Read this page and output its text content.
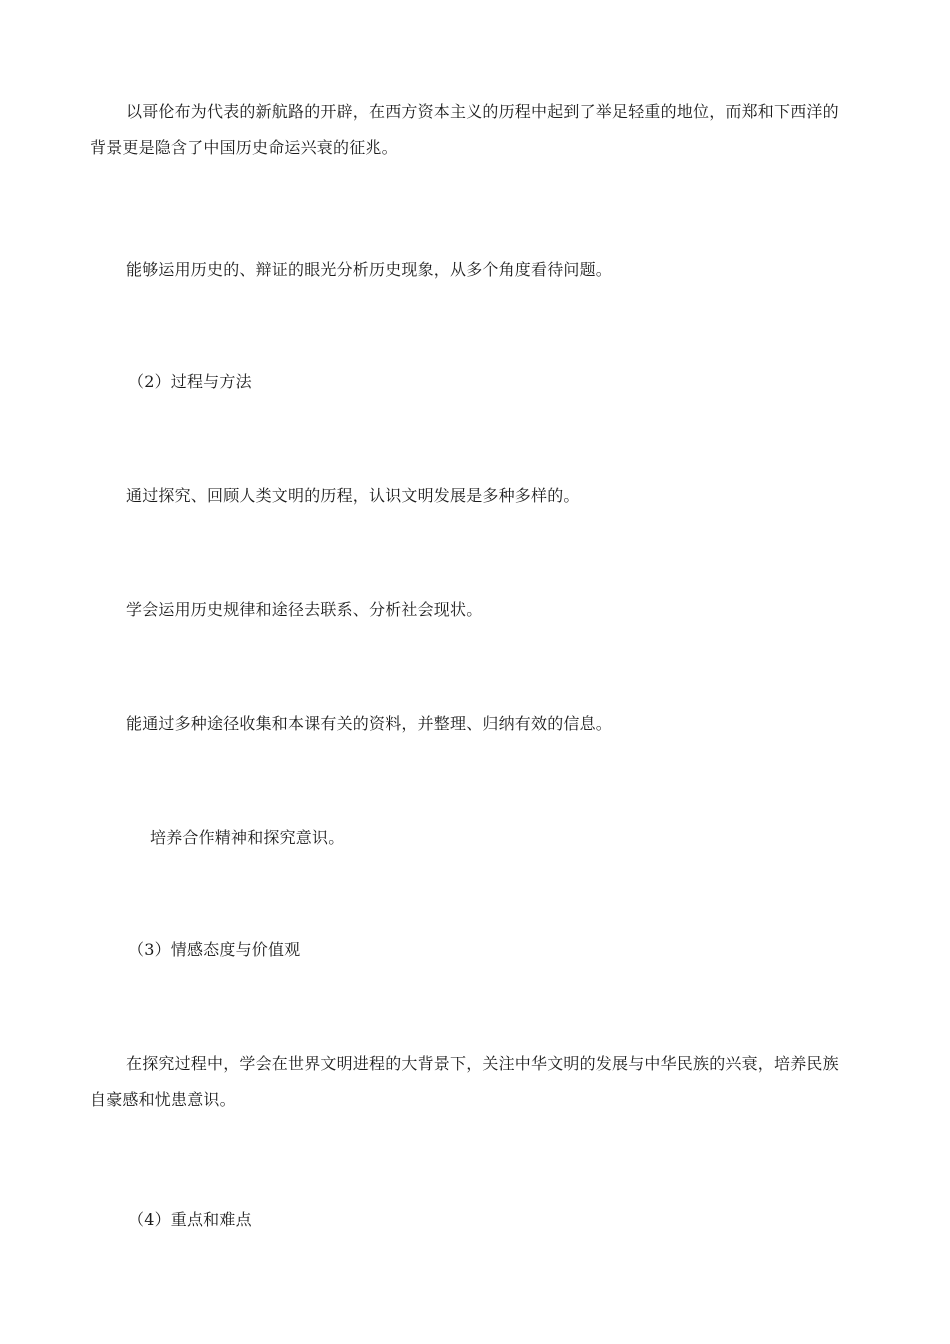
以哥伦布为代表的新航路的开辟，在西方资本主义的历程中起到了举足轻重的地位，而郑和下西洋的背景更是隐含了中国历史命运兴衰的征兆。

能够运用历史的、辩证的眼光分析历史现象，从多个角度看待问题。

（2）过程与方法

通过探究、回顾人类文明的历程，认识文明发展是多种多样的。

学会运用历史规律和途径去联系、分析社会现状。

能通过多种途径收集和本课有关的资料，并整理、归纳有效的信息。

培养合作精神和探究意识。

（3）情感态度与价值观

在探究过程中，学会在世界文明进程的大背景下，关注中华文明的发展与中华民族的兴衰，培养民族自豪感和忧患意识。

（4）重点和难点
